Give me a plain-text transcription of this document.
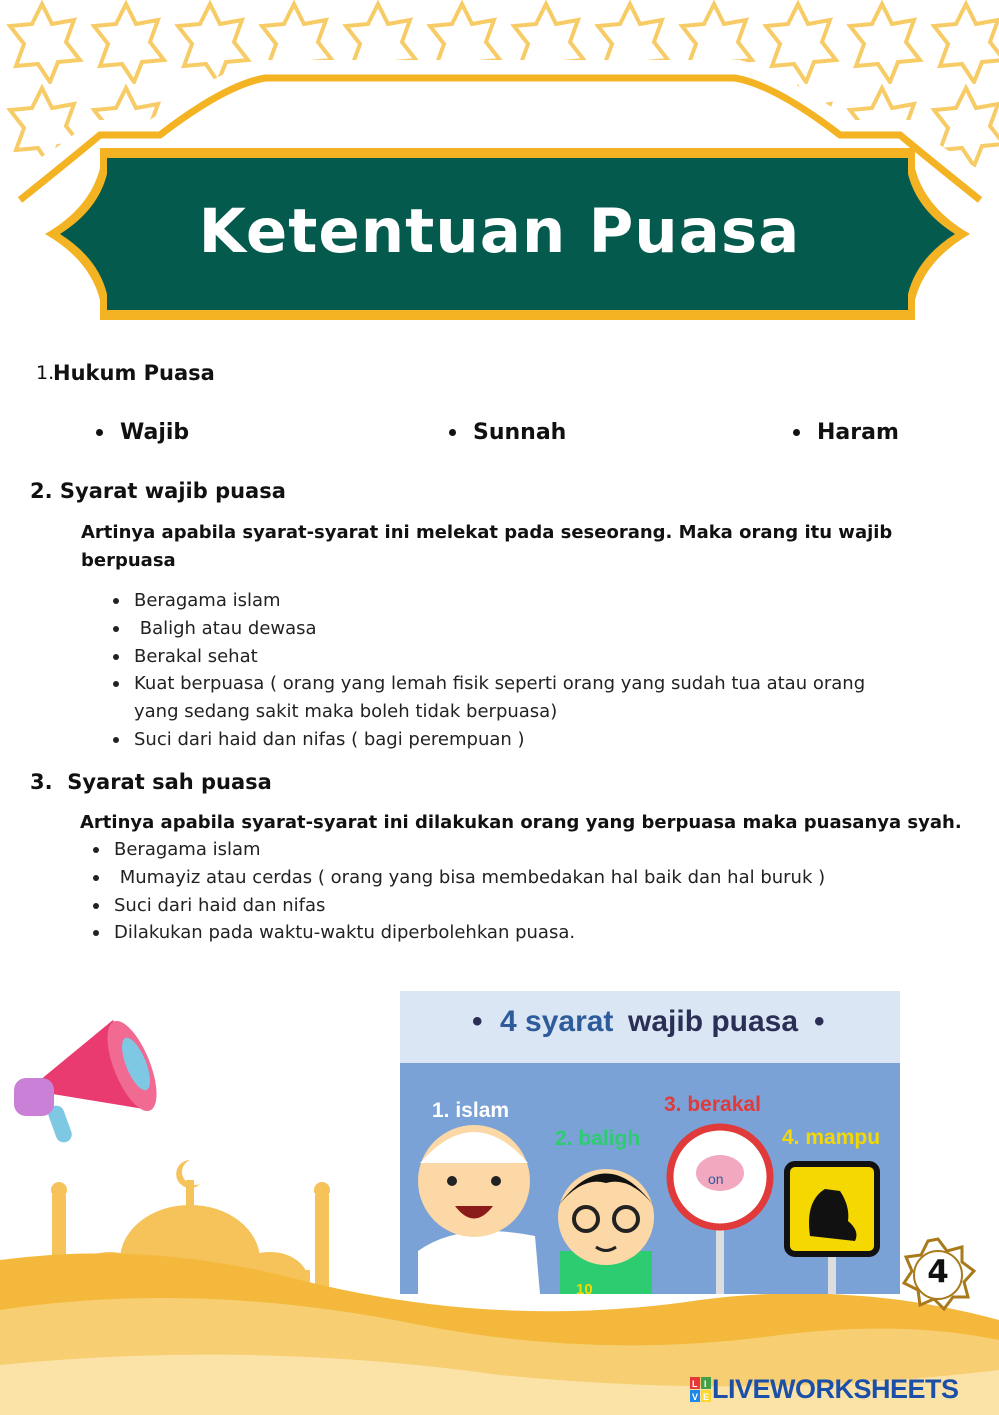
Ketentuan Puasa
1.
Hukum Puasa
Wajib	Sunnah	Haram
2. Syarat wajib puasa
Artinya apabila syarat-syarat ini melekat pada seseorang. Maka orang itu wajib berpuasa
Beragama islam
Baligh atau dewasa
Berakal sehat
Kuat berpuasa ( orang yang lemah fisik seperti orang yang sudah tua atau orang yang sedang sakit maka boleh tidak berpuasa)
Suci dari haid dan nifas ( bagi perempuan )
3.  Syarat sah puasa
Artinya apabila syarat-syarat ini dilakukan orang yang berpuasa maka puasanya syah.
Beragama islam
Mumayiz atau cerdas ( orang yang bisa membedakan hal baik dan hal buruk )
Suci dari haid dan nifas
Dilakukan pada waktu-waktu diperbolehkan puasa.
• 4 syarat wajib puasa •
1. islam
2. baligh
3. berakal
4. mampu
10
on
4
L I
V E LIVEWORKSHEETS
